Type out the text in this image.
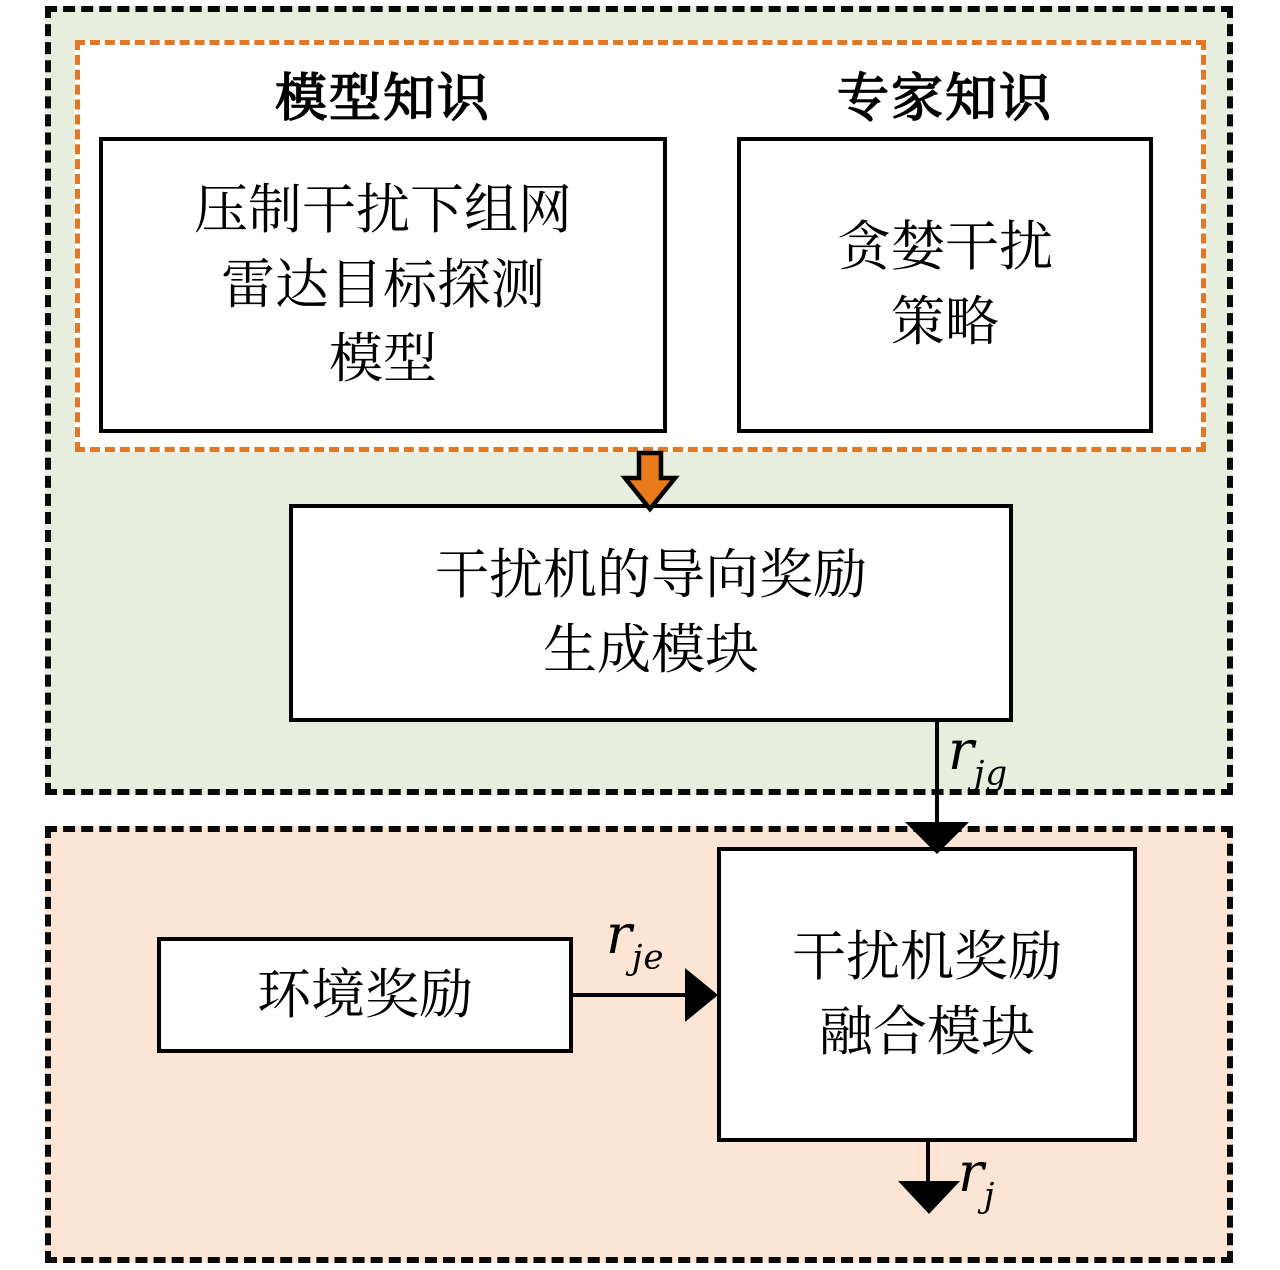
模型知识	专家知识
压制干扰下组网
雷达目标探测
模型
贪婪干扰
策略
干扰机的导向奖励
生成模块
$r_{jg}$
环境奖励
$r_{je}$ 干扰机奖励
融合模块
$r_j$
